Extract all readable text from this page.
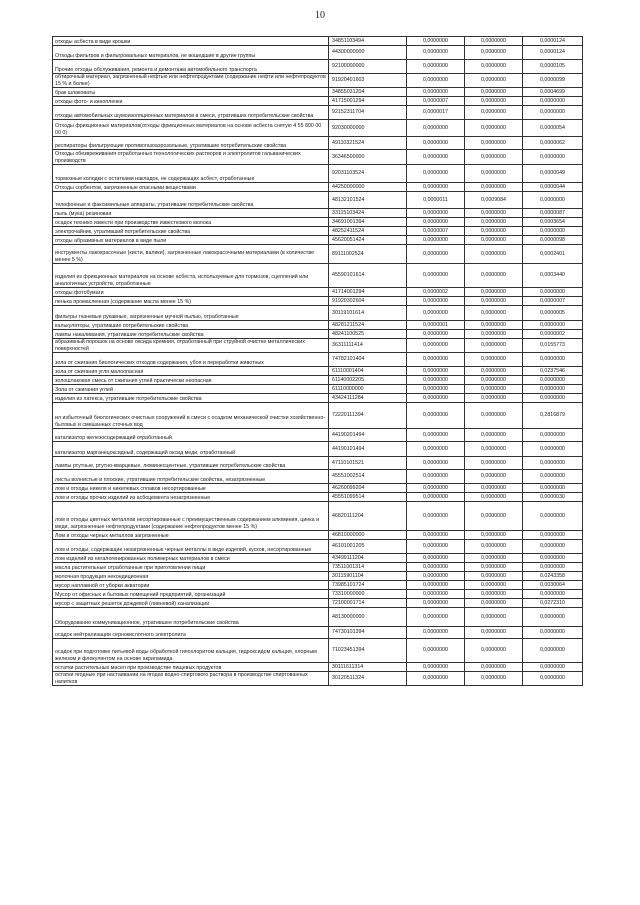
10
отходы асбеста в виде крошки	34851103494	0,0000000	0,0000000	0,0000124
Отходы фильтров и фильтровальных материалов, не вошедшие в другие группы	44300000000	0,0000000	0,0000000	0,0000124
Прочие отходы обслуживания, ремонта и демонтажа автомобильного транспорта	92100000000	0,0000000	0,0000000	0,0000105
обтирочный материал, загрязненный нефтью или нефтепродуктами (содержание нефти или нефтепродуктов 15 % и более)	91920401603	0,0000000	0,0000000	0,0000099
брак шлаковаты	34855031204	0,0000000	0,0000000	0,0004699
отходы фото- и кинопленки	41715001294	0,0000007	0,0000000	0,0000000
отходы автомобильных шумоизоляционных материалов в смеси, утративших потребительские свойства	92152311704	0,0000017	0,0000000	0,0000000
Отходы фрикционных материалов(отходы фрикционных материалов на основе асбеста снятую 4 55 800 00 00 0)	92030000000	0,0000000	0,0000000	0,0000054
респираторы фильтрующие противогазоаэрозольные, утратившие потребительские свойства	49110321524	0,0000000	0,0000000	0,0000062
Отходы обезвреживания отработанных технологических растворов и электролитов гальванических производств	36346500000	0,0000000	0,0000000	0,0000000
тормозные колодки с остатками накладок, не содержащих асбест, отработанные	92031103524	0,0000000	0,0000000	0,0000049
Отходы сорбентов, загрязненные опасными веществами	44250000000	0,0000000	0,0000000	0,0000044
телефонные и факсимильные аппараты, утратившие потребительские свойства	48132101524	0,0000011	0,0009084	0,0000000
пыль (мука) резиновая	33115103424	0,0000000	0,0000000	0,0000087
осадок технико извести при производстве известкового молока	34691001394	0,0000000	0,0000000	0,0003654
электрочайник, утративший потребительские свойства	48252411524	0,0000007	0,0000000	0,0000000
отходы абразивных материалов в виде пыли	45620051424	0,0000000	0,0000000	0,0000098
инструменты лакокрасочные (кисти, валики), загрязненные лакокрасочными материалами (в количестве менее 5 %)	89111002524	0,0000000	0,0000000	0,0002401
изделия из фрикционных материалов на основе асбеста, используемые для тормозов, сцеплений или аналогичных устройств, отработанные	45590101614	0,0000000	0,0000000	0,0003440
отходы фотобумаги	41714001294	0,0000002	0,0000000	0,0000000
пенька промасленная (содержание масла менее 15 %)	91920302604	0,0000000	0,0000000	0,0000007
фильтры тканевые рукавные, загрязненные мучной пылью, отработанные	30119101614	0,0000000	0,0000000	0,0000005
калькуляторы, утратившие потребительские свойства	48281211524	0,0000001	0,0000000	0,0000000
лампы накаливания, утратившие потребительские свойства	48241100525	0,0000000	0,0000000	0,0000002
абразивный порошок на основе оксида кремния, отработанный при струйной очистке металлических поверхностей	36311111414	0,0000000	0,0000000	0,0155773
зола от сжигания биологических отходов содержания, убоя и переработки животных	74782101404	0,0000000	0,0000000	0,0000000
зола от сжигания угля малоопасная	61110001404	0,0000000	0,0000000	0,0237546
золошлаковая смесь от сжигания углей практически неопасная	61140002205	0,0000000	0,0000000	0,0000000
Зола от сжигания углей	61110000000	0,0000000	0,0000000	0,0000000
изделия из латекса, утратившие потребительские свойства	43424111284	0,0000000	0,0000000	0,0000000
ил избыточный биологических очистных сооружений в смеси с осадком механической очистки хозяйственно-бытовых и смешанных сточных вод	72220111394	0,0000000	0,0000000	0,2816879
катализатор железосодержащий отработанный	44190201494	0,0000000	0,0000000	0,0000000
катализатор марганецоксидный, содержащий оксид меди, отработанный	44190101494	0,0000000	0,0000000	0,0000000
лампы ртутные, ртутно-кварцевые, люминесцентные, утратившие потребительские свойства	47110101521	0,0000000	0,0000000	0,0000000
листы волнистые и плоские, утратившие потребительские свойства, незагрязненные	45551002514	0,0000000	0,0000000	0,0000000
лом и отходы никеля и никелевых сплавов несортированные	46260099204	0,0000000	0,0000000	0,0000000
лом и отходы прочих изделий из асбоцемента незагрязненные	45551099514	0,0000000	0,0000000	0,0000030
лом и отходы цветных металлов несортированные с преимущественным содержанием алюминия, цинка и меди, загрязненные нефтепродуктами (содержание нефтепродуктов менее 15 %)	46820111204	0,0000000	0,0000000	0,0000000
Лом и отходы черных металлов загрязненные	46810000000	0,0000000	0,0000000	0,0000000
лом и отходы, содержащие незагрязненные черные металлы в виде изделий, кусков, несортированные	46101001205	0,0000000	0,0000000	0,0000000
лом изделий из негалогенированных полимерных материалов в смеси	43499111204	0,0000000	0,0000000	0,0000000
масла растительные отработанные при приготовлении пищи	73511001314	0,0000000	0,0000000	0,0000000
молочная продукция некондиционная	30115901104	0,0000000	0,0000000	0,0243358
мусор наплавной от уборки акватории	73985101724	0,0000000	0,0000000	0,0030064
Мусор от офисных и бытовых помещений предприятий, организаций	73310000000	0,0000000	0,0000000	0,0000000
мусор с защитных решеток дождевой (ливневой) канализации	72100001714	0,0000000	0,0000000	0,0272310
Оборудование коммуникационное, утратившее потребительские свойства	48130000000	0,0000000	0,0000000	0,0000000
осадок нейтрализации сернокислотного электролита	74730101394	0,0000000	0,0000000	0,0000000
осадок при подготовке питьевой воды обработкой гипохлоритом кальция, гидроксидом кальция, хлорным железом и флокулянтом на основе акриламида	71023451394	0,0000000	0,0000000	0,0000000
остатки растительных масел при производстве пищевых продуктов	30111611314	0,0000000	0,0000000	0,0000000
остатки ягодные при настаивании на ягодах водно-спиртового раствора в производстве спиртованных напитков	30120511324	0,0000000	0,0000000	0,0000000
